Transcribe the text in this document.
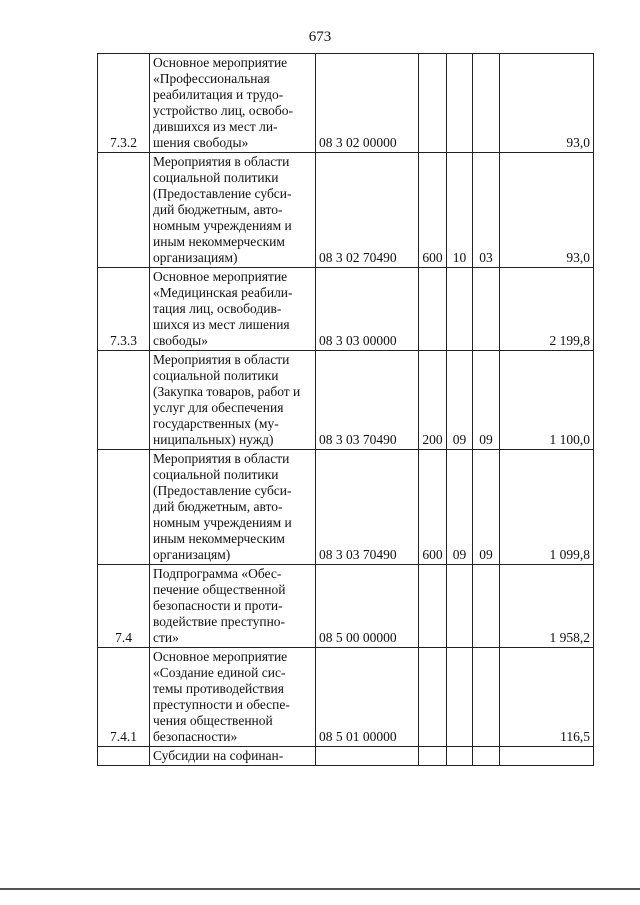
673
7.3.2	Основное мероприятие «Профессиональная реабилитация и трудо- устройство лиц, освобо- дившихся из мест ли- шения свободы»	08 3 02 00000				93,0
	Мероприятия в области социальной политики (Предоставление субси- дий бюджетным, авто- номным учреждениям и иным некоммерческим организациям)	08 3 02 70490	600	10	03	93,0
7.3.3	Основное мероприятие «Медицинская реабили- тация лиц, освободив- шихся из мест лишения свободы»	08 3 03 00000				2 199,8
	Мероприятия в области социальной политики (Закупка товаров, работ и услуг для обеспечения государственных (му- ниципальных) нужд)	08 3 03 70490	200	09	09	1 100,0
	Мероприятия в области социальной политики (Предоставление субси- дий бюджетным, авто- номным учреждениям и иным некоммерческим организацям)	08 3 03 70490	600	09	09	1 099,8
7.4	Подпрограмма «Обес- печение общественной безопасности и проти- водействие преступно- сти»	08 5 00 00000				1 958,2
7.4.1	Основное мероприятие «Создание единой сис- темы противодействия преступности и обеспе- чения общественной безопасности»	08 5 01 00000				116,5
	Субсидии на софинан-					
